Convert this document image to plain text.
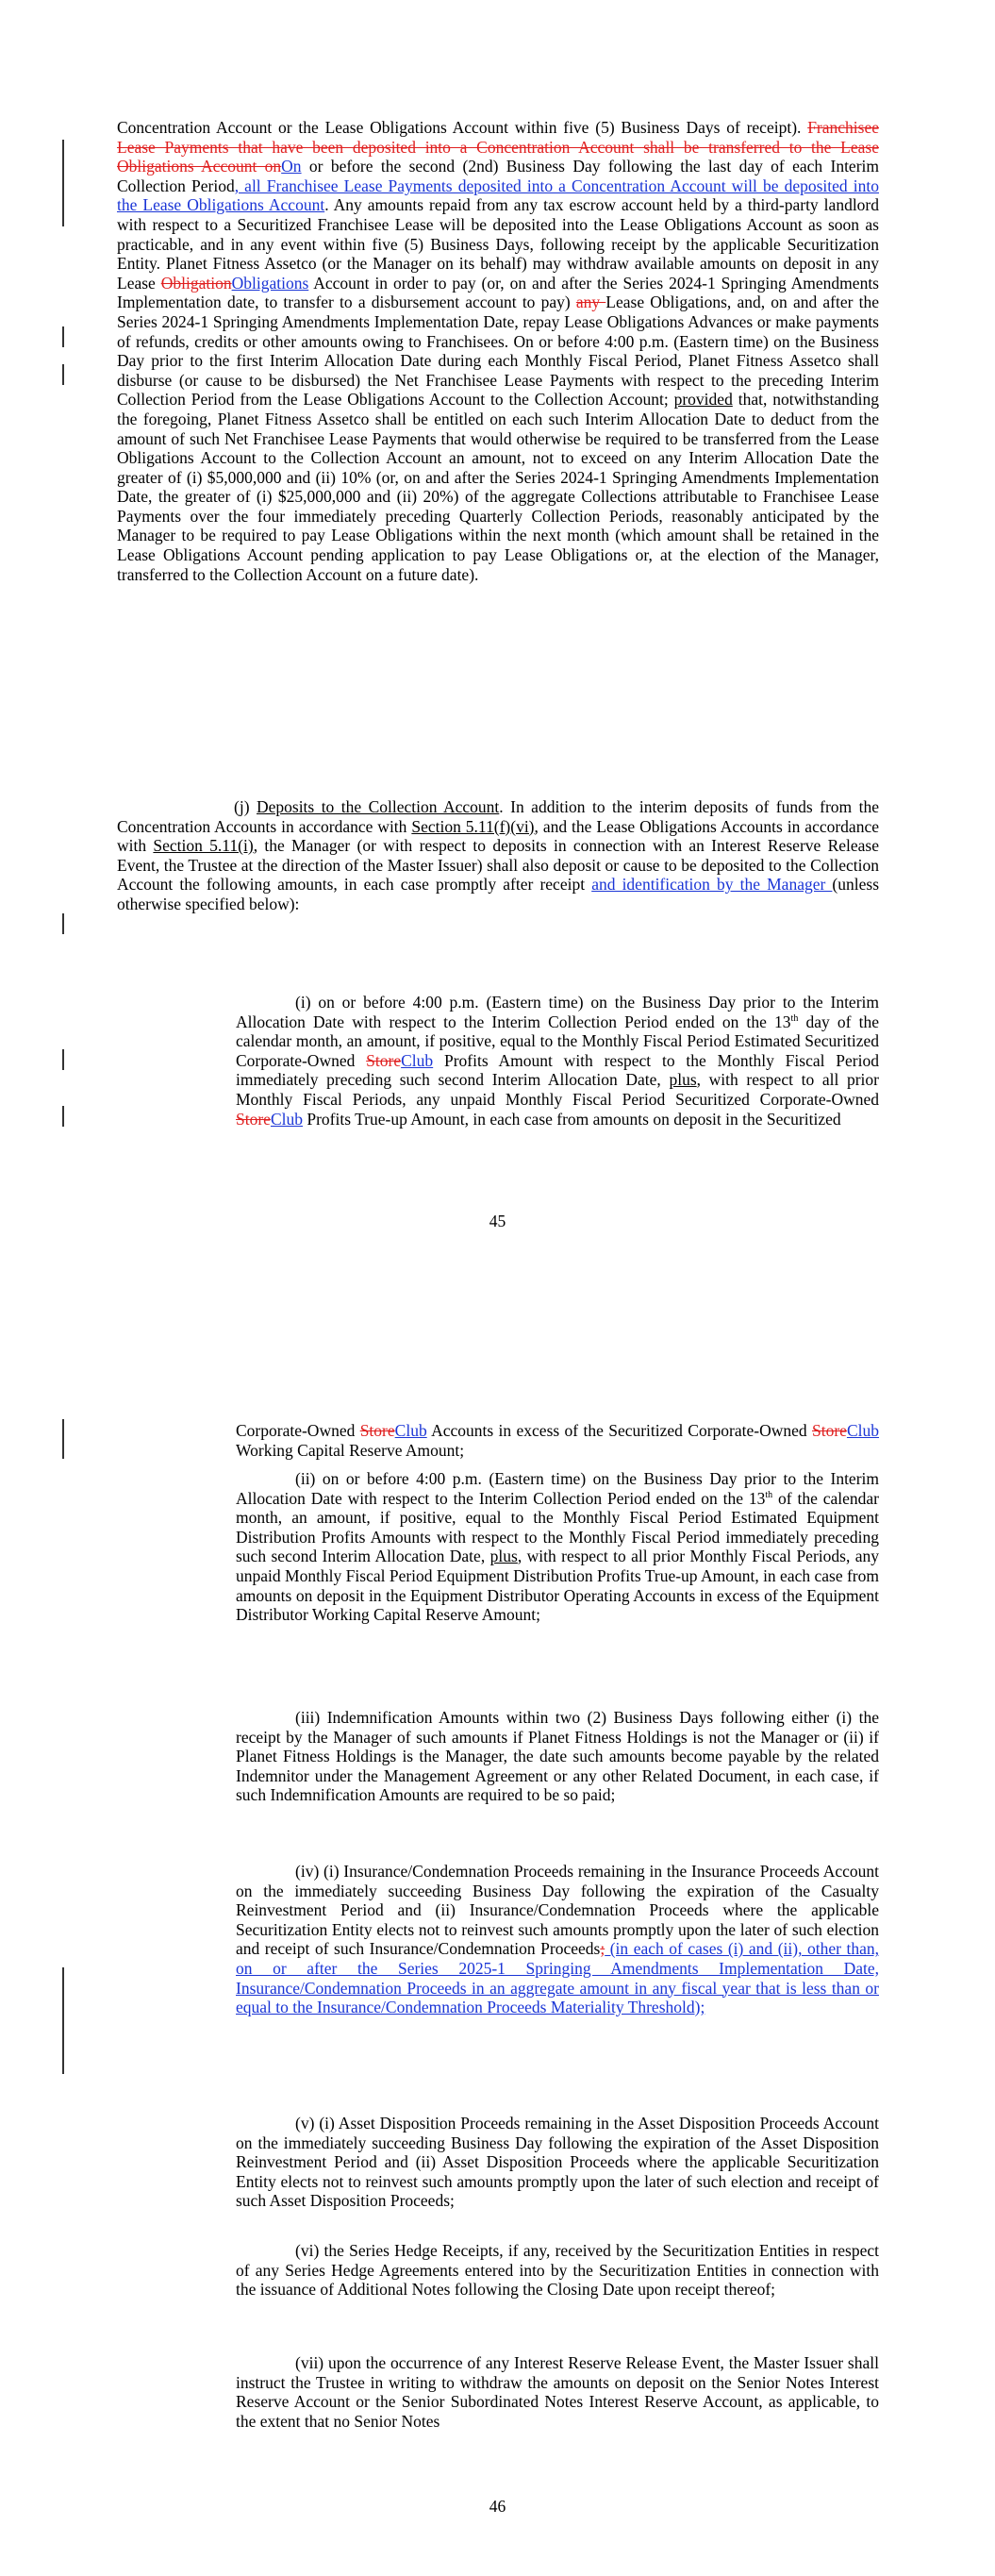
Concentration Account or the Lease Obligations Account within five (5) Business Days of receipt). Franchisee Lease Payments that have been deposited into a Concentration Account shall be transferred to the Lease Obligations Account onOn or before the second (2nd) Business Day following the last day of each Interim Collection Period, all Franchisee Lease Payments deposited into a Concentration Account will be deposited into the Lease Obligations Account. Any amounts repaid from any tax escrow account held by a third-party landlord with respect to a Securitized Franchisee Lease will be deposited into the Lease Obligations Account as soon as practicable, and in any event within five (5) Business Days, following receipt by the applicable Securitization Entity. Planet Fitness Assetco (or the Manager on its behalf) may withdraw available amounts on deposit in any Lease ObligationObligations Account in order to pay (or, on and after the Series 2024-1 Springing Amendments Implementation date, to transfer to a disbursement account to pay) any Lease Obligations, and, on and after the Series 2024-1 Springing Amendments Implementation Date, repay Lease Obligations Advances or make payments of refunds, credits or other amounts owing to Franchisees. On or before 4:00 p.m. (Eastern time) on the Business Day prior to the first Interim Allocation Date during each Monthly Fiscal Period, Planet Fitness Assetco shall disburse (or cause to be disbursed) the Net Franchisee Lease Payments with respect to the preceding Interim Collection Period from the Lease Obligations Account to the Collection Account; provided that, notwithstanding the foregoing, Planet Fitness Assetco shall be entitled on each such Interim Allocation Date to deduct from the amount of such Net Franchisee Lease Payments that would otherwise be required to be transferred from the Lease Obligations Account to the Collection Account an amount, not to exceed on any Interim Allocation Date the greater of (i) $5,000,000 and (ii) 10% (or, on and after the Series 2024-1 Springing Amendments Implementation Date, the greater of (i) $25,000,000 and (ii) 20%) of the aggregate Collections attributable to Franchisee Lease Payments over the four immediately preceding Quarterly Collection Periods, reasonably anticipated by the Manager to be required to pay Lease Obligations within the next month (which amount shall be retained in the Lease Obligations Account pending application to pay Lease Obligations or, at the election of the Manager, transferred to the Collection Account on a future date).
(j) Deposits to the Collection Account. In addition to the interim deposits of funds from the Concentration Accounts in accordance with Section 5.11(f)(vi), and the Lease Obligations Accounts in accordance with Section 5.11(i), the Manager (or with respect to deposits in connection with an Interest Reserve Release Event, the Trustee at the direction of the Master Issuer) shall also deposit or cause to be deposited to the Collection Account the following amounts, in each case promptly after receipt and identification by the Manager (unless otherwise specified below):
(i) on or before 4:00 p.m. (Eastern time) on the Business Day prior to the Interim Allocation Date with respect to the Interim Collection Period ended on the 13th day of the calendar month, an amount, if positive, equal to the Monthly Fiscal Period Estimated Securitized Corporate-Owned StoreClub Profits Amount with respect to the Monthly Fiscal Period immediately preceding such second Interim Allocation Date, plus, with respect to all prior Monthly Fiscal Periods, any unpaid Monthly Fiscal Period Securitized Corporate-Owned StoreClub Profits True-up Amount, in each case from amounts on deposit in the Securitized
45
Corporate-Owned StoreClub Accounts in excess of the Securitized Corporate-Owned StoreClub Working Capital Reserve Amount;
(ii) on or before 4:00 p.m. (Eastern time) on the Business Day prior to the Interim Allocation Date with respect to the Interim Collection Period ended on the 13th of the calendar month, an amount, if positive, equal to the Monthly Fiscal Period Estimated Equipment Distribution Profits Amounts with respect to the Monthly Fiscal Period immediately preceding such second Interim Allocation Date, plus, with respect to all prior Monthly Fiscal Periods, any unpaid Monthly Fiscal Period Equipment Distribution Profits True-up Amount, in each case from amounts on deposit in the Equipment Distributor Operating Accounts in excess of the Equipment Distributor Working Capital Reserve Amount;
(iii) Indemnification Amounts within two (2) Business Days following either (i) the receipt by the Manager of such amounts if Planet Fitness Holdings is not the Manager or (ii) if Planet Fitness Holdings is the Manager, the date such amounts become payable by the related Indemnitor under the Management Agreement or any other Related Document, in each case, if such Indemnification Amounts are required to be so paid;
(iv) (i) Insurance/Condemnation Proceeds remaining in the Insurance Proceeds Account on the immediately succeeding Business Day following the expiration of the Casualty Reinvestment Period and (ii) Insurance/Condemnation Proceeds where the applicable Securitization Entity elects not to reinvest such amounts promptly upon the later of such election and receipt of such Insurance/Condemnation Proceeds; (in each of cases (i) and (ii), other than, on or after the Series 2025-1 Springing Amendments Implementation Date, Insurance/Condemnation Proceeds in an aggregate amount in any fiscal year that is less than or equal to the Insurance/Condemnation Proceeds Materiality Threshold);
(v) (i) Asset Disposition Proceeds remaining in the Asset Disposition Proceeds Account on the immediately succeeding Business Day following the expiration of the Asset Disposition Reinvestment Period and (ii) Asset Disposition Proceeds where the applicable Securitization Entity elects not to reinvest such amounts promptly upon the later of such election and receipt of such Asset Disposition Proceeds;
(vi) the Series Hedge Receipts, if any, received by the Securitization Entities in respect of any Series Hedge Agreements entered into by the Securitization Entities in connection with the issuance of Additional Notes following the Closing Date upon receipt thereof;
(vii) upon the occurrence of any Interest Reserve Release Event, the Master Issuer shall instruct the Trustee in writing to withdraw the amounts on deposit on the Senior Notes Interest Reserve Account or the Senior Subordinated Notes Interest Reserve Account, as applicable, to the extent that no Senior Notes
46
